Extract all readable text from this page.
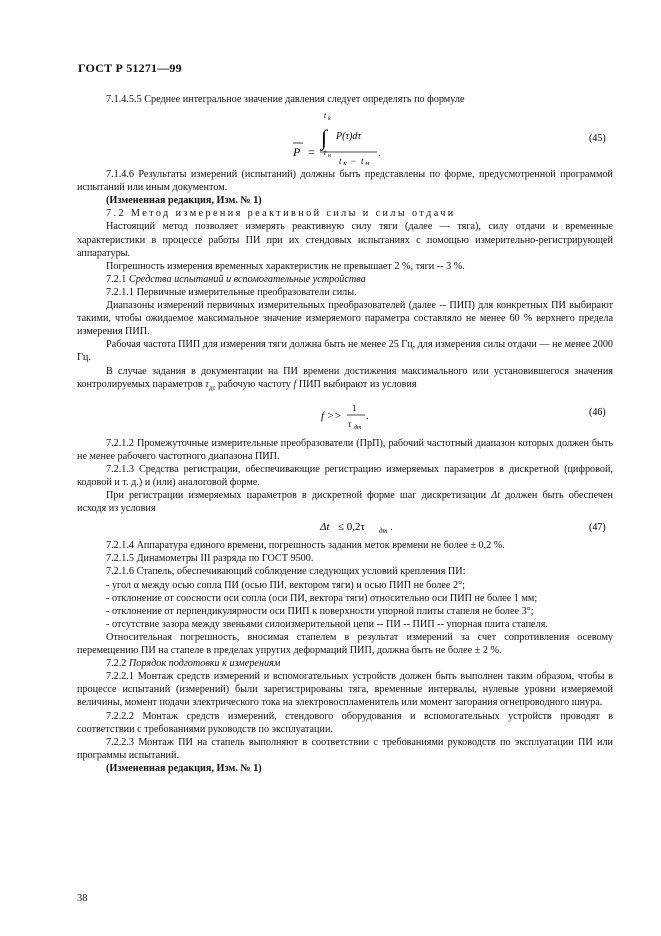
ГОСТ Р 51271—99

7.1.4.5.5 Среднее интегральное значение давления следует определять по формуле

P =
t k
∫
t н
P(τ)dτ
t К − t Н
.
(45)

7.1.4.6 Результаты измерений (испытаний) должны быть представлены по форме, предусмотренной программой испытаний или иным документом.

(Измененная редакция, Изм. № 1)

7.2 Метод измерения реактивной силы и силы отдачи

Настоящий метод позволяет измерять реактивную силу тяги (далее — тяга), силу отдачи и временные характеристики в процессе работы ПИ при их стендовых испытаниях с помощью измерительно-регистрирующей аппаратуры.

Погрешность измерения временных характеристик не превышает 2 %, тяги -- 3 %.

7.2.1 Средства испытаний и вспомогательные устройства

7.2.1.1 Первичные измерительные преобразователи силы.

Диапазоны измерений первичных измерительных преобразователей (далее -- ПИП) для конкретных ПИ выбирают такими, чтобы ожидаемое максимальное значение измеряемого параметра составляло не менее 60 % верхнего предела измерения ПИП.

Рабочая частота ПИП для измерения тяги должна быть не менее 25 Гц, для измерения силы отдачи — не менее 2000 Гц.

В случае задания в документации на ПИ времени достижения максимального или установившегося значения контролируемых параметров $\tau_{дт}$ рабочую частоту f ПИП выбирают из условия

f >>
1
τ дт
.	(46)

7.2.1.2 Промежуточные измерительные преобразователи (ПрП), рабочий частотный диапазон которых должен быть не менее рабочего частотного диапазона ПИП.

7.2.1.3 Средства регистрации, обеспечивающие регистрацию измеряемых параметров в дискретной (цифровой, кодовой и т. д.) и (или) аналоговой форме.

При регистрации измеряемых параметров в дискретной форме шаг дискретизации Δt должен быть обеспечен исходя из условия

Δt ≤ 0,2τ дт .	(47)

7.2.1.4 Аппаратура единого времени, погрешность задания меток времени не более ± 0,2 %.

7.2.1.5 Динамометры III разряда по ГОСТ 9500.

7.2.1.6 Стапель, обеспечивающий соблюдение следующих условий крепления ПИ:

- угол α между осью сопла ПИ (осью ПИ, вектором тяги) и осью ПИП не более 2°;

- отклонение от соосности оси сопла (оси ПИ, вектора тяги) относительно оси ПИП не более 1 мм;

- отклонение от перпендикулярности оси ПИП к поверхности упорной плиты стапеля не более 3°;

- отсутствие зазора между звеньями силоизмерительной цепи -- ПИ -- ПИП -- упорная плита стапеля.

Относительная погрешность, вносимая стапелем в результат измерений за счет сопротивления осевому перемещению ПИ на стапеле в пределах упругих деформаций ПИП, должна быть не более ± 2 %.

7.2.2 Порядок подготовки к измерениям

7.2.2.1 Монтаж средств измерений и вспомогательных устройств должен быть выполнен таким образом, чтобы в процессе испытаний (измерений) были зарегистрированы тяга, временные интервалы, нулевые уровни измеряемой величины, момент подачи электрического тока на электровоспламенитель или момент загорания огнепроводного шнура.

7.2.2.2 Монтаж средств измерений, стендового оборудования и вспомогательных устройств проводят в соответствии с требованиями руководств по эксплуатации.

7.2.2.3 Монтаж ПИ на стапель выполняют в соответствии с требованиями руководств по эксплуатации ПИ или программы испытаний.

(Измененная редакция, Изм. № 1)

38
